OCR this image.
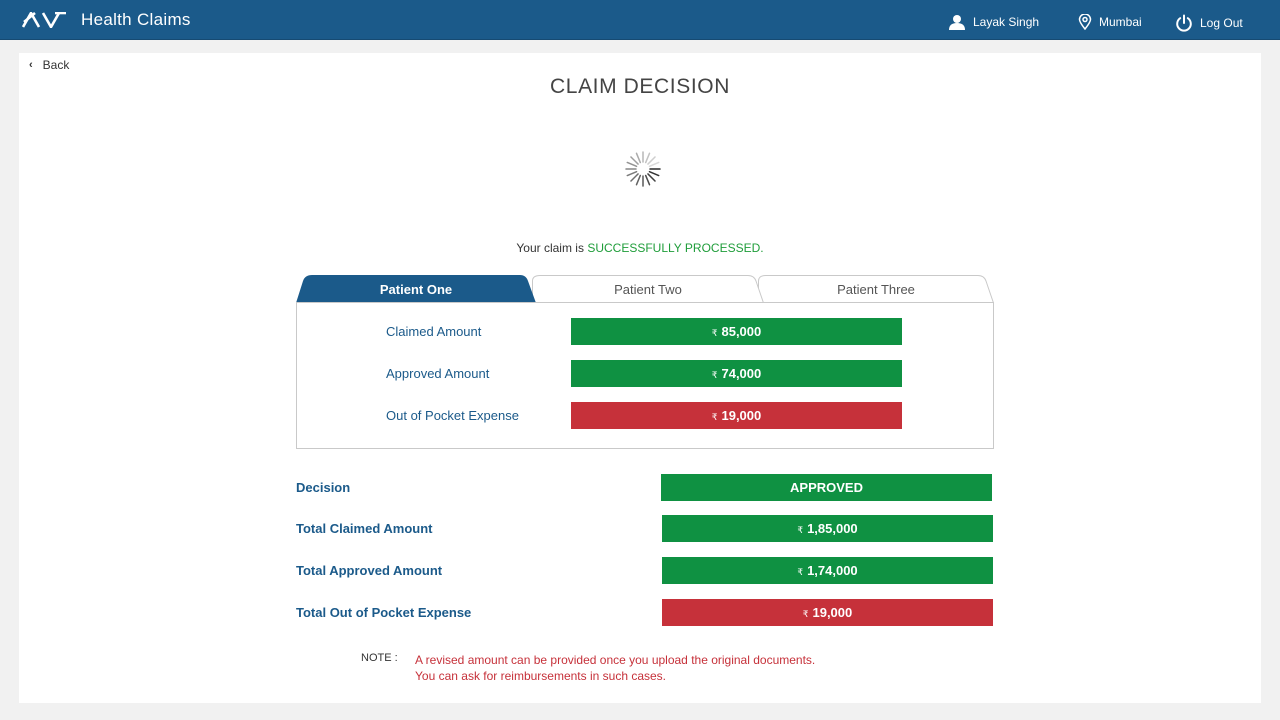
Health Claims	Layak Singh	Mumbai	Log Out
‹ Back
CLAIM DECISION
Your claim is SUCCESSFULLY PROCESSED.
Patient Three
Patient Two
Patient One
Claimed Amount	₹ 85,000
Approved Amount	₹ 74,000
Out of Pocket Expense	₹ 19,000
Decision	APPROVED
Total Claimed Amount	₹ 1,85,000
Total Approved Amount	₹ 1,74,000
Total Out of Pocket Expense	₹ 19,000
NOTE : A revised amount can be provided once you upload the original documents.
You can ask for reimbursements in such cases.
